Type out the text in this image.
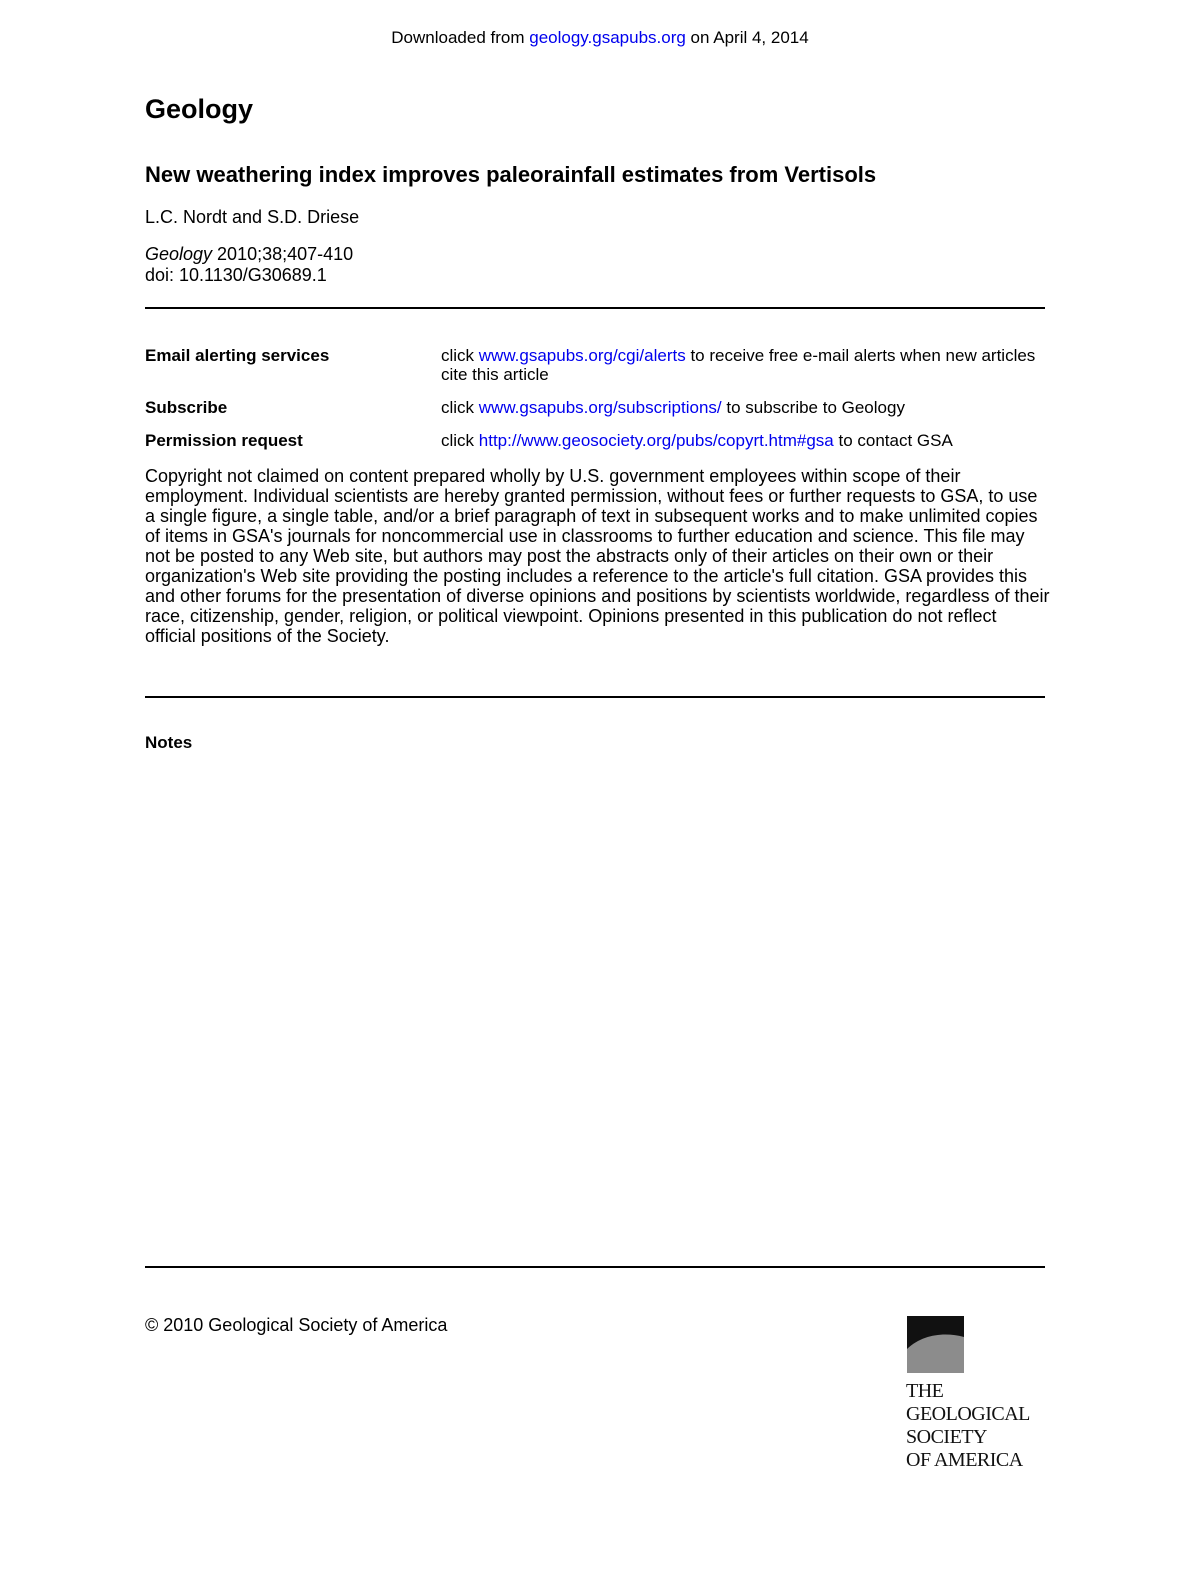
Downloaded from geology.gsapubs.org on April 4, 2014
Geology
New weathering index improves paleorainfall estimates from Vertisols
L.C. Nordt and S.D. Driese
Geology 2010;38;407-410
doi: 10.1130/G30689.1
Email alerting services	click www.gsapubs.org/cgi/alerts to receive free e-mail alerts when new articles cite this article
Subscribe	click www.gsapubs.org/subscriptions/ to subscribe to Geology
Permission request	click http://www.geosociety.org/pubs/copyrt.htm#gsa to contact GSA

Copyright not claimed on content prepared wholly by U.S. government employees within scope of their employment. Individual scientists are hereby granted permission, without fees or further requests to GSA, to use a single figure, a single table, and/or a brief paragraph of text in subsequent works and to make unlimited copies of items in GSA's journals for noncommercial use in classrooms to further education and science. This file may not be posted to any Web site, but authors may post the abstracts only of their articles on their own or their organization's Web site providing the posting includes a reference to the article's full citation. GSA provides this and other forums for the presentation of diverse opinions and positions by scientists worldwide, regardless of their race, citizenship, gender, religion, or political viewpoint. Opinions presented in this publication do not reflect official positions of the Society.

Notes
© 2010 Geological Society of America
THE
GEOLOGICAL
SOCIETY
OF AMERICA
